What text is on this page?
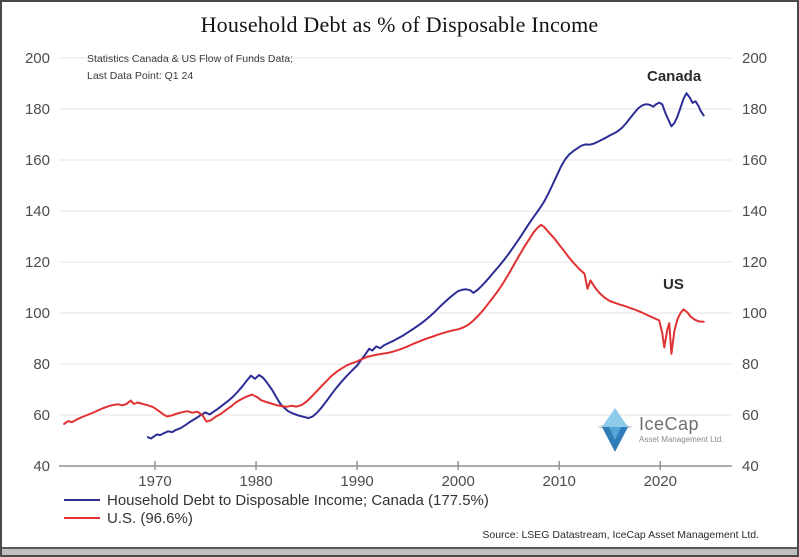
Household Debt as % of Disposable Income
40	40
60	60
80	80
100	100
120	120
140	140
160	160
180	180
200	200
1970	1980	1990	2000	2010	2020
Statistics Canada & US Flow of Funds Data;
Last Data Point: Q1 24	Canada
US
Household Debt to Disposable Income; Canada (177.5%)
U.S. (96.6%)
IceCap
Asset Management Ltd.
Source: LSEG Datastream, IceCap Asset Management Ltd.
